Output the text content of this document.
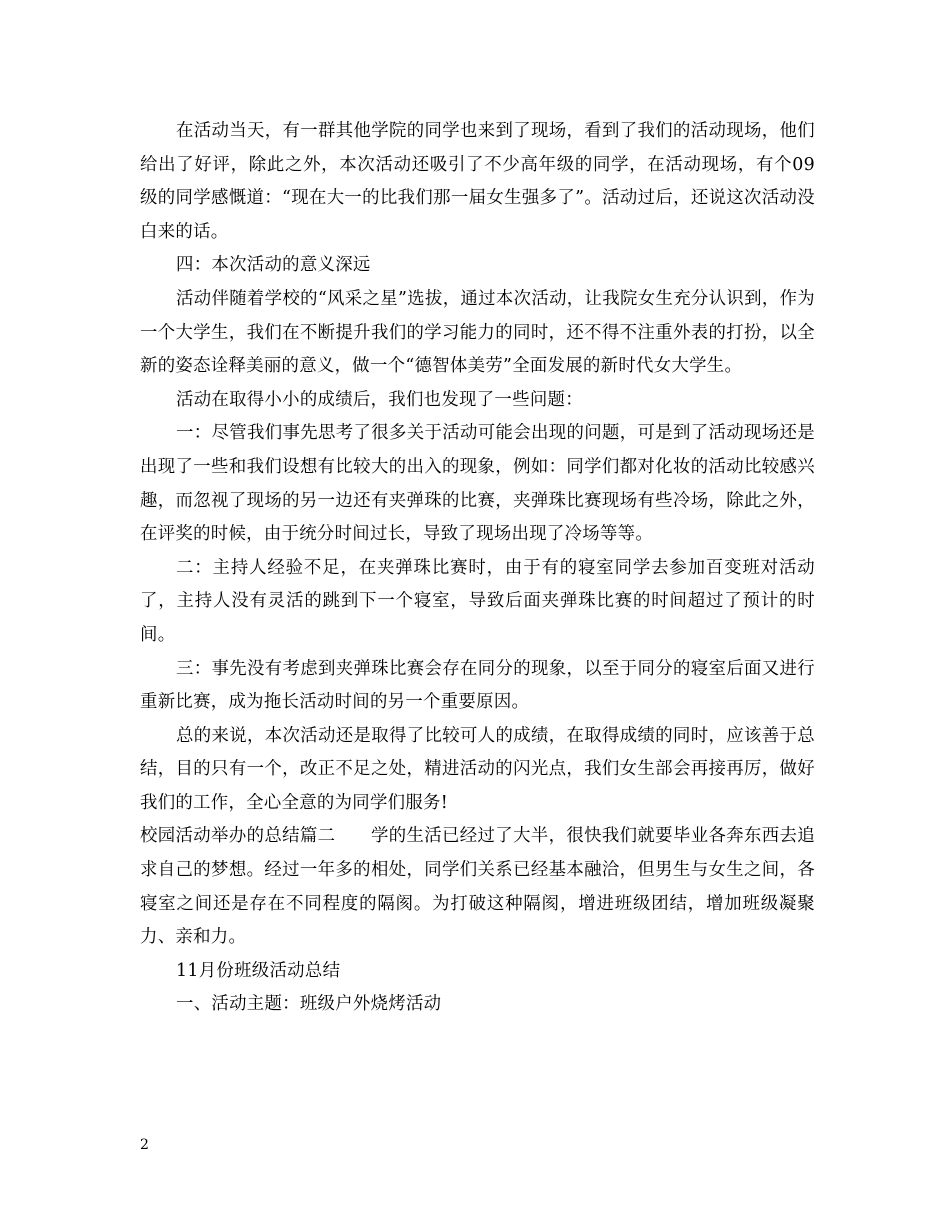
在活动当天，有一群其他学院的同学也来到了现场，看到了我们的活动现场，他们给出了好评，除此之外，本次活动还吸引了不少高年级的同学，在活动现场，有个09级的同学感慨道：“现在大一的比我们那一届女生强多了”。活动过后，还说这次活动没白来的话。

四：本次活动的意义深远

活动伴随着学校的“风采之星”选拔，通过本次活动，让我院女生充分认识到，作为一个大学生，我们在不断提升我们的学习能力的同时，还不得不注重外表的打扮，以全新的姿态诠释美丽的意义，做一个“德智体美劳”全面发展的新时代女大学生。

活动在取得小小的成绩后，我们也发现了一些问题：

一：尽管我们事先思考了很多关于活动可能会出现的问题，可是到了活动现场还是出现了一些和我们设想有比较大的出入的现象，例如：同学们都对化妆的活动比较感兴趣，而忽视了现场的另一边还有夹弹珠的比赛，夹弹珠比赛现场有些冷场，除此之外，在评奖的时候，由于统分时间过长，导致了现场出现了冷场等等。

二：主持人经验不足，在夹弹珠比赛时，由于有的寝室同学去参加百变班对活动了，主持人没有灵活的跳到下一个寝室，导致后面夹弹珠比赛的时间超过了预计的时间。

三：事先没有考虑到夹弹珠比赛会存在同分的现象，以至于同分的寝室后面又进行重新比赛，成为拖长活动时间的另一个重要原因。

总的来说，本次活动还是取得了比较可人的成绩，在取得成绩的同时，应该善于总结，目的只有一个，改正不足之处，精进活动的闪光点，我们女生部会再接再厉，做好我们的工作，全心全意的为同学们服务!

校园活动举办的总结篇二　　学的生活已经过了大半，很快我们就要毕业各奔东西去追求自己的梦想。经过一年多的相处，同学们关系已经基本融洽，但男生与女生之间，各寝室之间还是存在不同程度的隔阂。为打破这种隔阂，增进班级团结，增加班级凝聚力、亲和力。

11月份班级活动总结

一、活动主题：班级户外烧烤活动

2
